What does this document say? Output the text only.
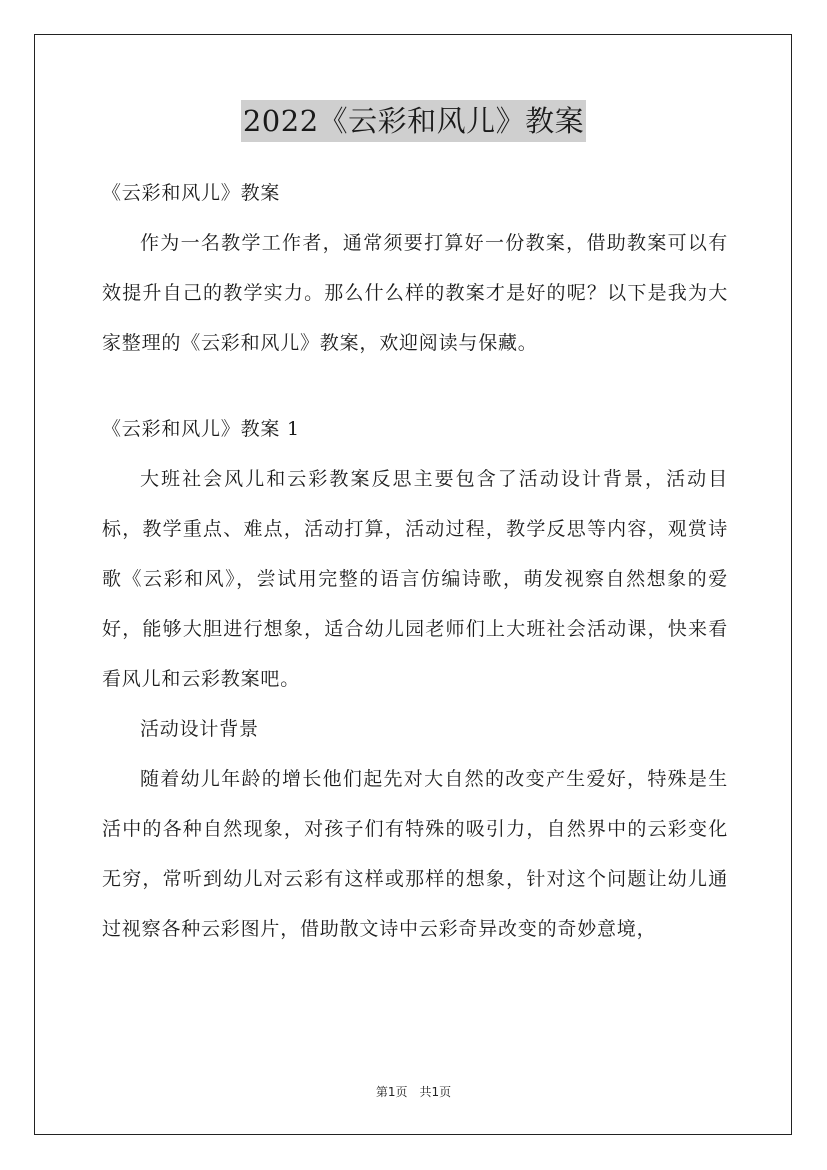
2022《云彩和风儿》教案

《云彩和风儿》教案

作为一名教学工作者，通常须要打算好一份教案，借助教案可以有效提升自己的教学实力。那么什么样的教案才是好的呢？以下是我为大家整理的《云彩和风儿》教案，欢迎阅读与保藏。

《云彩和风儿》教案 1

大班社会风儿和云彩教案反思主要包含了活动设计背景，活动目标，教学重点、难点，活动打算，活动过程，教学反思等内容，观赏诗歌《云彩和风》，尝试用完整的语言仿编诗歌，萌发视察自然想象的爱好，能够大胆进行想象，适合幼儿园老师们上大班社会活动课，快来看看风儿和云彩教案吧。

活动设计背景

随着幼儿年龄的增长他们起先对大自然的改变产生爱好，特殊是生活中的各种自然现象，对孩子们有特殊的吸引力，自然界中的云彩变化无穷，常听到幼儿对云彩有这样或那样的想象，针对这个问题让幼儿通过视察各种云彩图片，借助散文诗中云彩奇异改变的奇妙意境，

第1页 共1页
